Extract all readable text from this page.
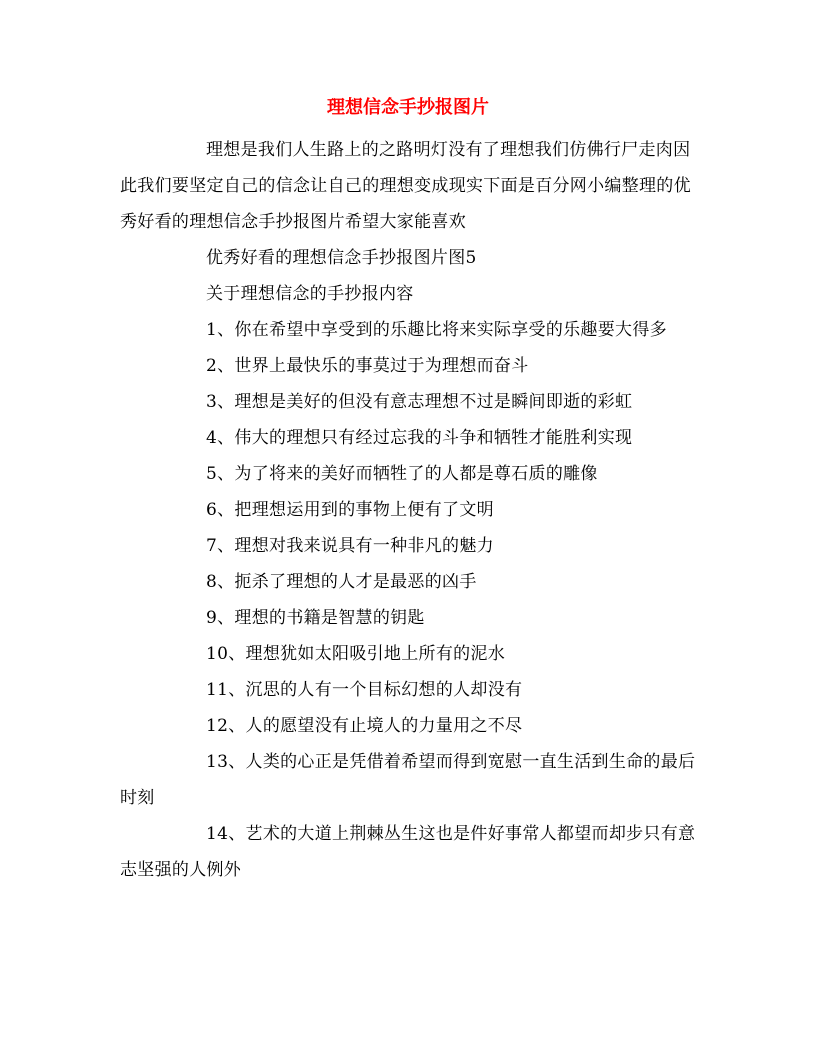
理想信念手抄报图片

理想是我们人生路上的之路明灯没有了理想我们仿佛行尸走肉因此我们要坚定自己的信念让自己的理想变成现实下面是百分网小编整理的优秀好看的理想信念手抄报图片希望大家能喜欢

优秀好看的理想信念手抄报图片图5

关于理想信念的手抄报内容

1、你在希望中享受到的乐趣比将来实际享受的乐趣要大得多

2、世界上最快乐的事莫过于为理想而奋斗

3、理想是美好的但没有意志理想不过是瞬间即逝的彩虹

4、伟大的理想只有经过忘我的斗争和牺牲才能胜利实现

5、为了将来的美好而牺牲了的人都是尊石质的雕像

6、把理想运用到的事物上便有了文明

7、理想对我来说具有一种非凡的魅力

8、扼杀了理想的人才是最恶的凶手

9、理想的书籍是智慧的钥匙

10、理想犹如太阳吸引地上所有的泥水

11、沉思的人有一个目标幻想的人却没有

12、人的愿望没有止境人的力量用之不尽

13、人类的心正是凭借着希望而得到宽慰一直生活到生命的最后时刻

14、艺术的大道上荆棘丛生这也是件好事常人都望而却步只有意志坚强的人例外
